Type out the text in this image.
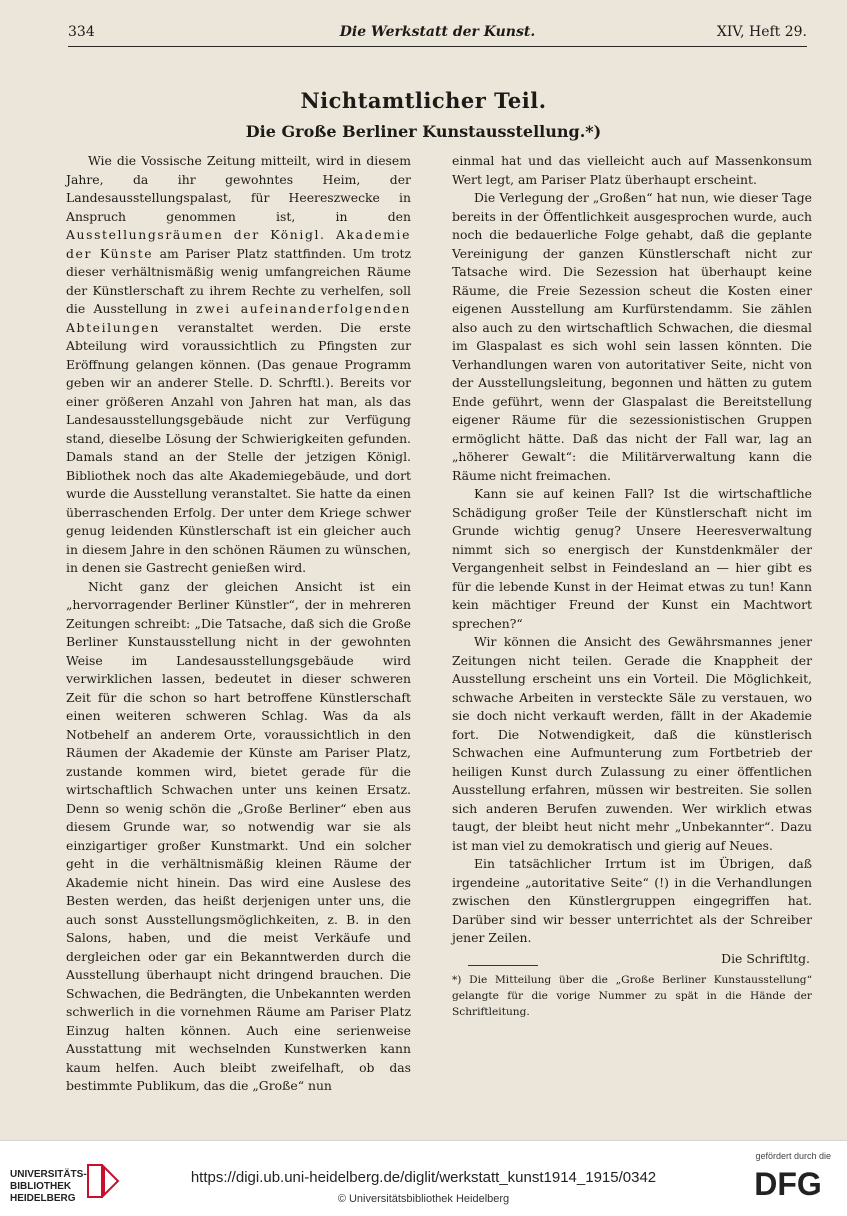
334	Die Werkstatt der Kunst.	XIV, Heft 29.
Nichtamtlicher Teil.
Die Große Berliner Kunstausstellung.*)

Wie die Vossische Zeitung mitteilt, wird in diesem Jahre, da ihr gewohntes Heim, der Landesausstellungspalast, für Heereszwecke in Anspruch genommen ist, in den Ausstellungsräumen der Königl. Akademie der Künste am Pariser Platz stattfinden. Um trotz dieser verhältnismäßig wenig umfangreichen Räume der Künstlerschaft zu ihrem Rechte zu verhelfen, soll die Ausstellung in zwei aufeinanderfolgenden Abteilungen veranstaltet werden. Die erste Abteilung wird voraussichtlich zu Pfingsten zur Eröffnung gelangen können. (Das genaue Programm geben wir an anderer Stelle. D. Schrftl.). Bereits vor einer größeren Anzahl von Jahren hat man, als das Landesausstellungsgebäude nicht zur Verfügung stand, dieselbe Lösung der Schwierigkeiten gefunden. Damals stand an der Stelle der jetzigen Königl. Bibliothek noch das alte Akademiegebäude, und dort wurde die Ausstellung veranstaltet. Sie hatte da einen überraschenden Erfolg. Der unter dem Kriege schwer genug leidenden Künstlerschaft ist ein gleicher auch in diesem Jahre in den schönen Räumen zu wünschen, in denen sie Gastrecht genießen wird.

Nicht ganz der gleichen Ansicht ist ein „hervorragender Berliner Künstler“, der in mehreren Zeitungen schreibt: „Die Tatsache, daß sich die Große Berliner Kunstausstellung nicht in der gewohnten Weise im Landesausstellungsgebäude wird verwirklichen lassen, bedeutet in dieser schweren Zeit für die schon so hart betroffene Künstlerschaft einen weiteren schweren Schlag. Was da als Notbehelf an anderem Orte, voraussichtlich in den Räumen der Akademie der Künste am Pariser Platz, zustande kommen wird, bietet gerade für die wirtschaftlich Schwachen unter uns keinen Ersatz. Denn so wenig schön die „Große Berliner“ eben aus diesem Grunde war, so notwendig war sie als einzigartiger großer Kunstmarkt. Und ein solcher geht in die verhältnismäßig kleinen Räume der Akademie nicht hinein. Das wird eine Auslese des Besten werden, das heißt derjenigen unter uns, die auch sonst Ausstellungsmöglichkeiten, z. B. in den Salons, haben, und die meist Verkäufe und dergleichen oder gar ein Bekanntwerden durch die Ausstellung überhaupt nicht dringend brauchen. Die Schwachen, die Bedrängten, die Unbekannten werden schwerlich in die vornehmen Räume am Pariser Platz Einzug halten können. Auch eine serienweise Ausstattung mit wechselnden Kunstwerken kann kaum helfen. Auch bleibt zweifelhaft, ob das bestimmte Publikum, das die „Große“ nun

einmal hat und das vielleicht auch auf Massenkonsum Wert legt, am Pariser Platz überhaupt erscheint.

Die Verlegung der „Großen“ hat nun, wie dieser Tage bereits in der Öffentlichkeit ausgesprochen wurde, auch noch die bedauerliche Folge gehabt, daß die geplante Vereinigung der ganzen Künstlerschaft nicht zur Tatsache wird. Die Sezession hat überhaupt keine Räume, die Freie Sezession scheut die Kosten einer eigenen Ausstellung am Kurfürstendamm. Sie zählen also auch zu den wirtschaftlich Schwachen, die diesmal im Glaspalast es sich wohl sein lassen könnten. Die Verhandlungen waren von autoritativer Seite, nicht von der Ausstellungsleitung, begonnen und hätten zu gutem Ende geführt, wenn der Glaspalast die Bereitstellung eigener Räume für die sezessionistischen Gruppen ermöglicht hätte. Daß das nicht der Fall war, lag an „höherer Gewalt“: die Militärverwaltung kann die Räume nicht freimachen.

Kann sie auf keinen Fall? Ist die wirtschaftliche Schädigung großer Teile der Künstlerschaft nicht im Grunde wichtig genug? Unsere Heeresverwaltung nimmt sich so energisch der Kunstdenkmäler der Vergangenheit selbst in Feindesland an — hier gibt es für die lebende Kunst in der Heimat etwas zu tun! Kann kein mächtiger Freund der Kunst ein Machtwort sprechen?“

Wir können die Ansicht des Gewährsmannes jener Zeitungen nicht teilen. Gerade die Knappheit der Ausstellung erscheint uns ein Vorteil. Die Möglichkeit, schwache Arbeiten in versteckte Säle zu verstauen, wo sie doch nicht verkauft werden, fällt in der Akademie fort. Die Notwendigkeit, daß die künstlerisch Schwachen eine Aufmunterung zum Fortbetrieb der heiligen Kunst durch Zulassung zu einer öffentlichen Ausstellung erfahren, müssen wir bestreiten. Sie sollen sich anderen Berufen zuwenden. Wer wirklich etwas taugt, der bleibt heut nicht mehr „Unbekannter“. Dazu ist man viel zu demokratisch und gierig auf Neues.

Ein tatsächlicher Irrtum ist im Übrigen, daß irgendeine „autoritative Seite“ (!) in die Verhandlungen zwischen den Künstlergruppen eingegriffen hat. Darüber sind wir besser unterrichtet als der Schreiber jener Zeilen.

Die Schriftltg.

*) Die Mitteilung über die „Große Berliner Kunstausstellung“ gelangte für die vorige Nummer zu spät in die Hände der Schriftleitung.
UNIVERSITÄTS-
BIBLIOTHEK
HEIDELBERG
https://digi.ub.uni-heidelberg.de/diglit/werkstatt_kunst1914_1915/0342
© Universitätsbibliothek Heidelberg
gefördert durch die
DFG
